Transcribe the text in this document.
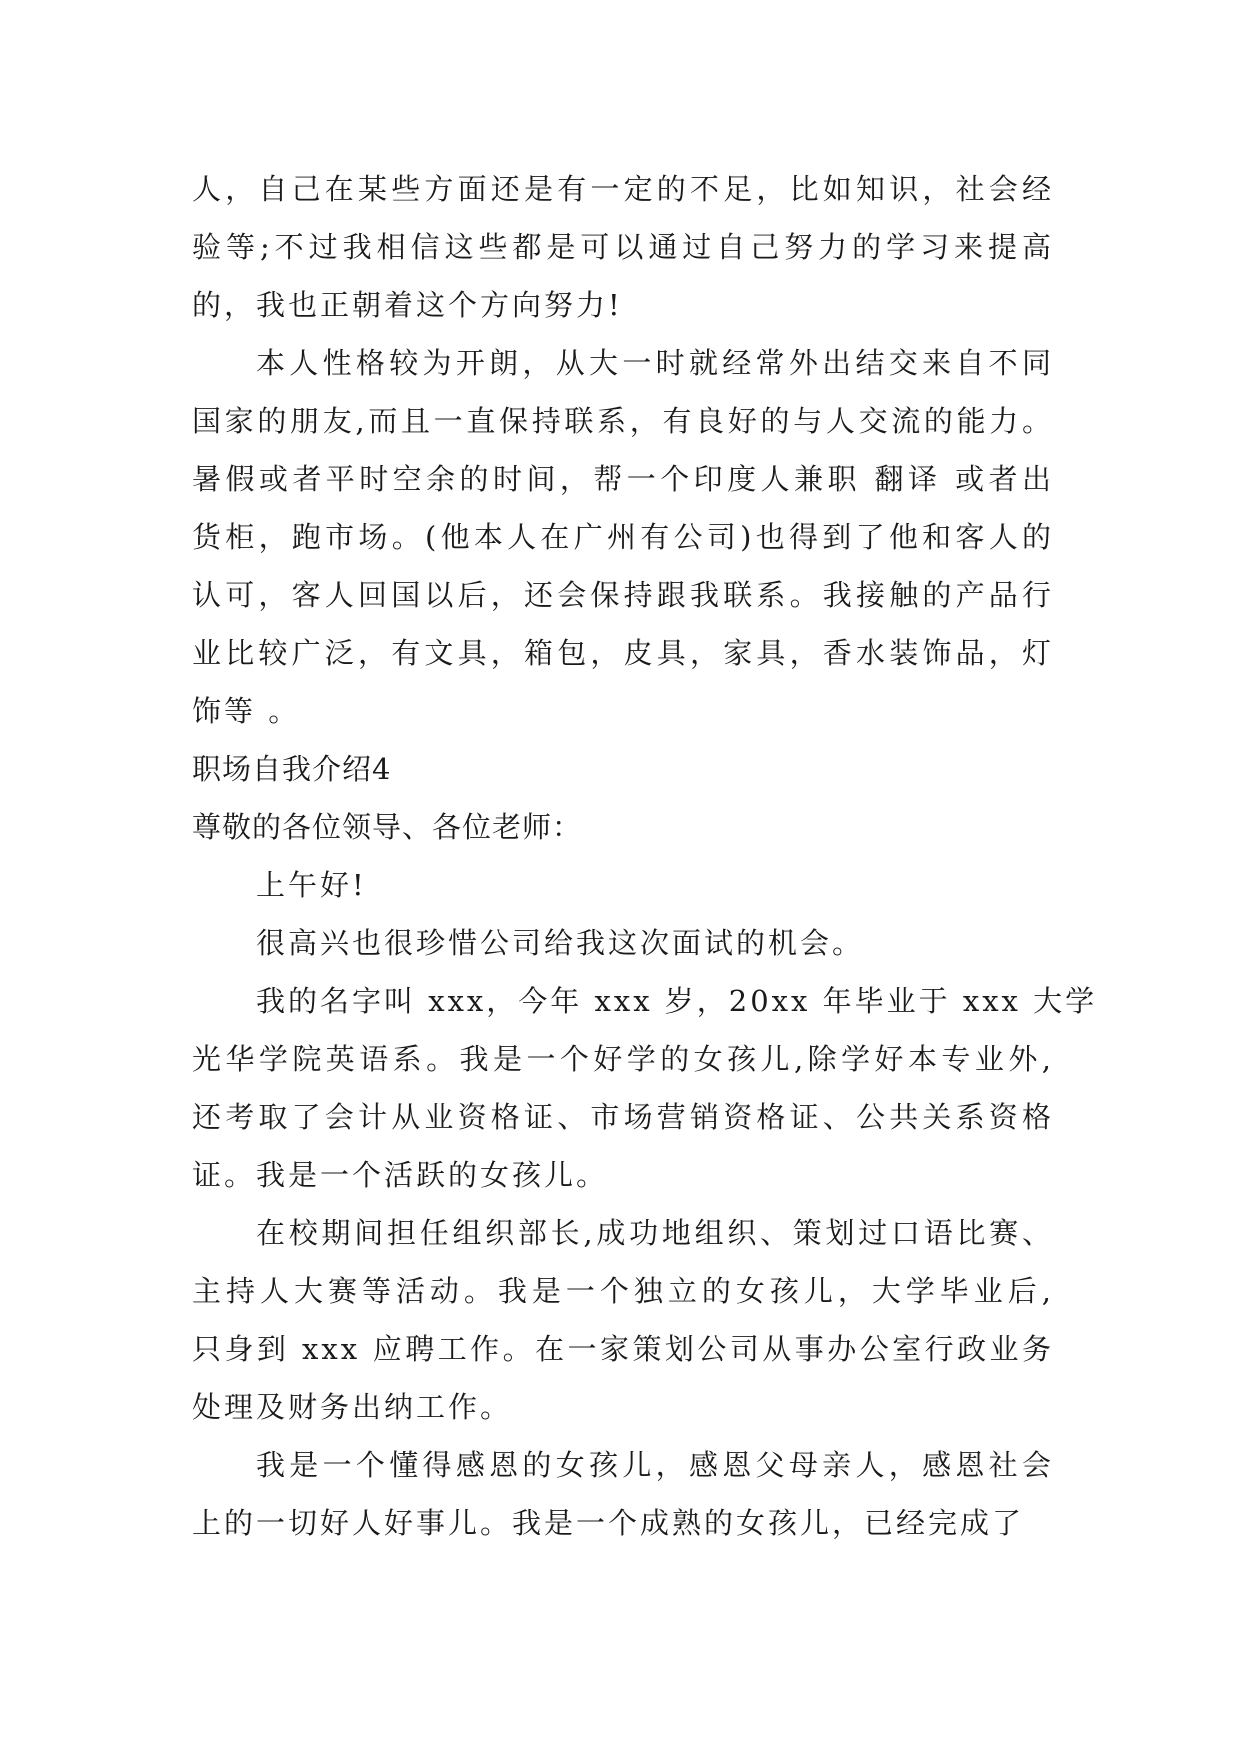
人，自己在某些方面还是有一定的不足，比如知识，社会经
验等;不过我相信这些都是可以通过自己努力的学习来提高
的，我也正朝着这个方向努力!
本人性格较为开朗，从大一时就经常外出结交来自不同
国家的朋友,而且一直保持联系，有良好的与人交流的能力。
暑假或者平时空余的时间，帮一个印度人兼职 翻译 或者出
货柜，跑市场。(他本人在广州有公司)也得到了他和客人的
认可，客人回国以后，还会保持跟我联系。我接触的产品行
业比较广泛，有文具，箱包，皮具，家具，香水装饰品，灯
饰等 。
职场自我介绍4
尊敬的各位领导、各位老师：
上午好!
很高兴也很珍惜公司给我这次面试的机会。
我的名字叫 xxx，今年 xxx 岁，20xx 年毕业于 xxx 大学
光华学院英语系。我是一个好学的女孩儿,除学好本专业外,
还考取了会计从业资格证、市场营销资格证、公共关系资格
证。我是一个活跃的女孩儿。
在校期间担任组织部长,成功地组织、策划过口语比赛、
主持人大赛等活动。我是一个独立的女孩儿，大学毕业后,
只身到 xxx 应聘工作。在一家策划公司从事办公室行政业务
处理及财务出纳工作。
我是一个懂得感恩的女孩儿，感恩父母亲人，感恩社会
上的一切好人好事儿。我是一个成熟的女孩儿，已经完成了
